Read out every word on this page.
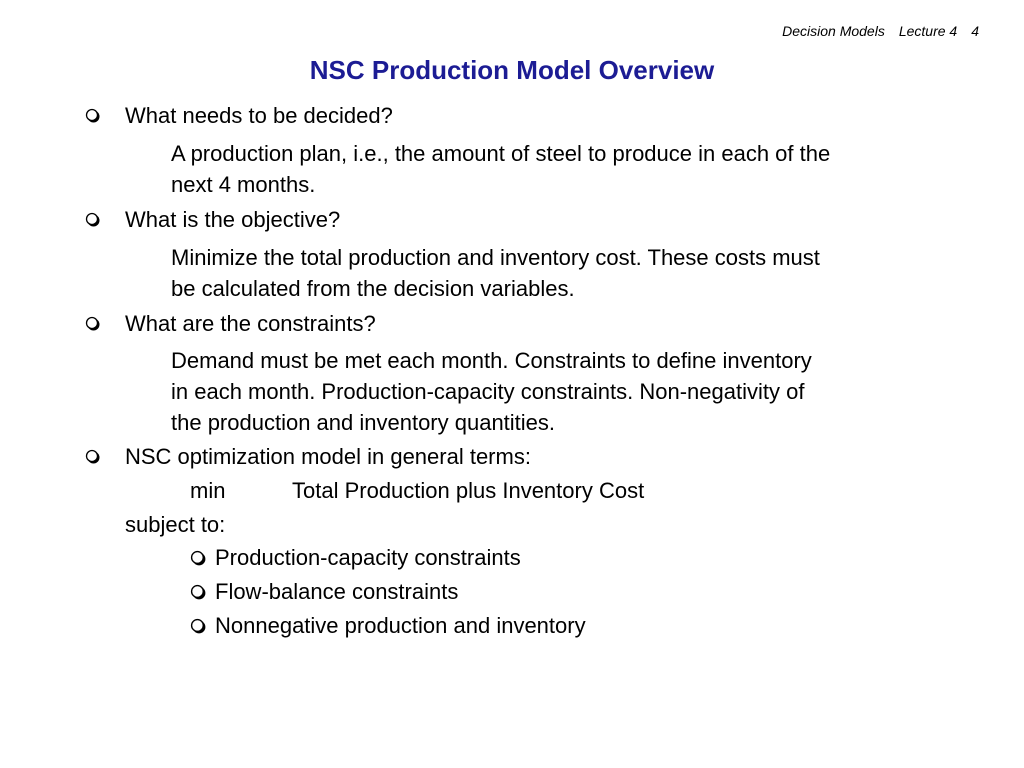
Decision Models Lecture 4 4
NSC Production Model Overview
What needs to be decided?
A production plan, i.e., the amount of steel to produce in each of the
next 4 months.
What is the objective?
Minimize the total production and inventory cost. These costs must
be calculated from the decision variables.
What are the constraints?
Demand must be met each month. Constraints to define inventory
in each month. Production-capacity constraints. Non-negativity of
the production and inventory quantities.
NSC optimization model in general terms:
min	Total Production plus Inventory Cost
subject to:
Production-capacity constraints
Flow-balance constraints
Nonnegative production and inventory
